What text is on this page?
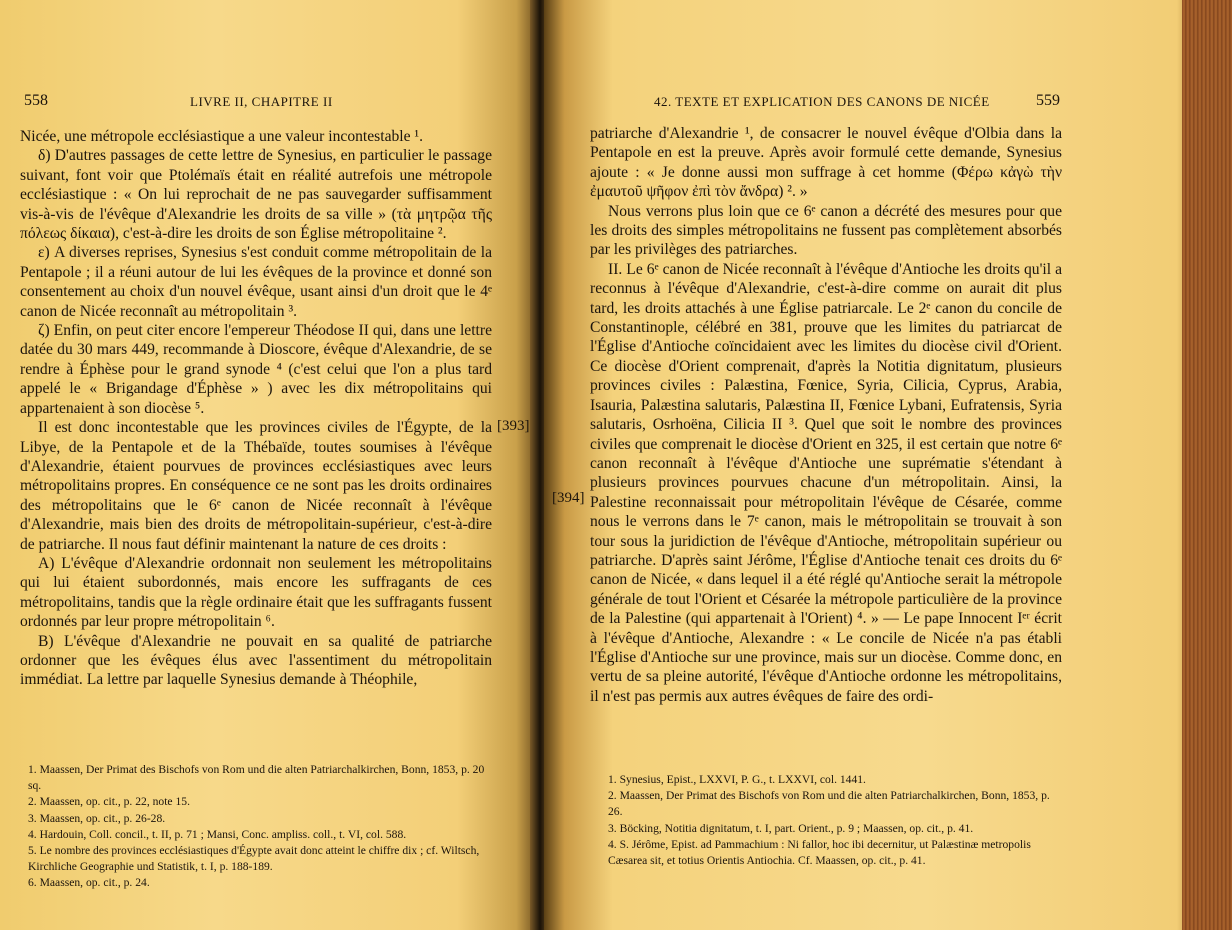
558	LIVRE II, CHAPITRE II

Nicée, une métropole ecclésiastique a une valeur incontestable ¹.

δ) D'autres passages de cette lettre de Synesius, en particulier le passage suivant, font voir que Ptolémaïs était en réalité autrefois une métropole ecclésiastique : « On lui reprochait de ne pas sauvegarder suffisamment vis-à-vis de l'évêque d'Alexandrie les droits de sa ville » (τὰ μητρῷα τῆς πόλεως δίκαια), c'est-à-dire les droits de son Église métropolitaine ².

ε) A diverses reprises, Synesius s'est conduit comme métropolitain de la Pentapole ; il a réuni autour de lui les évêques de la province et donné son consentement au choix d'un nouvel évêque, usant ainsi d'un droit que le 4ᵉ canon de Nicée reconnaît au métropolitain ³.

ζ) Enfin, on peut citer encore l'empereur Théodose II qui, dans une lettre datée du 30 mars 449, recommande à Dioscore, évêque d'Alexandrie, de se rendre à Éphèse pour le grand synode ⁴ (c'est celui que l'on a plus tard appelé le « Brigandage d'Éphèse » ) avec les dix métropolitains qui appartenaient à son diocèse ⁵.

Il est donc incontestable que les provinces civiles de l'Égypte, de la Libye, de la Pentapole et de la Thébaïde, toutes soumises à l'évêque d'Alexandrie, étaient pourvues de provinces ecclésiastiques avec leurs métropolitains propres. En conséquence ce ne sont pas les droits ordinaires des métropolitains que le 6ᵉ canon de Nicée reconnaît à l'évêque d'Alexandrie, mais bien des droits de métropolitain-supérieur, c'est-à-dire de patriarche. Il nous faut définir maintenant la nature de ces droits :

A) L'évêque d'Alexandrie ordonnait non seulement les métropolitains qui lui étaient subordonnés, mais encore les suffragants de ces métropolitains, tandis que la règle ordinaire était que les suffragants fussent ordonnés par leur propre métropolitain ⁶.

B) L'évêque d'Alexandrie ne pouvait en sa qualité de patriarche ordonner que les évêques élus avec l'assentiment du métropolitain immédiat. La lettre par laquelle Synesius demande à Théophile,

1. Maassen, Der Primat des Bischofs von Rom und die alten Patriarchalkirchen, Bonn, 1853, p. 20 sq.

2. Maassen, op. cit., p. 22, note 15.

3. Maassen, op. cit., p. 26-28.

4. Hardouin, Coll. concil., t. II, p. 71 ; Mansi, Conc. ampliss. coll., t. VI, col. 588.

5. Le nombre des provinces ecclésiastiques d'Égypte avait donc atteint le chiffre dix ; cf. Wiltsch, Kirchliche Geographie und Statistik, t. I, p. 188-189.

6. Maassen, op. cit., p. 24.

[393]
42. TEXTE ET EXPLICATION DES CANONS DE NICÉE	559

patriarche d'Alexandrie ¹, de consacrer le nouvel évêque d'Olbia dans la Pentapole en est la preuve. Après avoir formulé cette demande, Synesius ajoute : « Je donne aussi mon suffrage à cet homme (Φέρω κἀγὼ τὴν ἐμαυτοῦ ψῆφον ἐπὶ τὸν ἄνδρα) ². »

Nous verrons plus loin que ce 6ᵉ canon a décrété des mesures pour que les droits des simples métropolitains ne fussent pas complètement absorbés par les privilèges des patriarches.

II. Le 6ᵉ canon de Nicée reconnaît à l'évêque d'Antioche les droits qu'il a reconnus à l'évêque d'Alexandrie, c'est-à-dire comme on aurait dit plus tard, les droits attachés à une Église patriarcale. Le 2ᵉ canon du concile de Constantinople, célébré en 381, prouve que les limites du patriarcat de l'Église d'Antioche coïncidaient avec les limites du diocèse civil d'Orient. Ce diocèse d'Orient comprenait, d'après la Notitia dignitatum, plusieurs provinces civiles : Palæstina, Fœnice, Syria, Cilicia, Cyprus, Arabia, Isauria, Palæstina salutaris, Palæstina II, Fœnice Lybani, Eufratensis, Syria salutaris, Osrhoëna, Cilicia II ³. Quel que soit le nombre des provinces civiles que comprenait le diocèse d'Orient en 325, il est certain que notre 6ᵉ canon reconnaît à l'évêque d'Antioche une suprématie s'étendant à plusieurs provinces pourvues chacune d'un métropolitain. Ainsi, la Palestine reconnaissait pour métropolitain l'évêque de Césarée, comme nous le verrons dans le 7ᵉ canon, mais le métropolitain se trouvait à son tour sous la juridiction de l'évêque d'Antioche, métropolitain supérieur ou patriarche. D'après saint Jérôme, l'Église d'Antioche tenait ces droits du 6ᵉ canon de Nicée, « dans lequel il a été réglé qu'Antioche serait la métropole générale de tout l'Orient et Césarée la métropole particulière de la province de la Palestine (qui appartenait à l'Orient) ⁴. » — Le pape Innocent Iᵉʳ écrit à l'évêque d'Antioche, Alexandre : « Le concile de Nicée n'a pas établi l'Église d'Antioche sur une province, mais sur un diocèse. Comme donc, en vertu de sa pleine autorité, l'évêque d'Antioche ordonne les métropolitains, il n'est pas permis aux autres évêques de faire des ordi-

1. Synesius, Epist., LXXVI, P. G., t. LXXVI, col. 1441.

2. Maassen, Der Primat des Bischofs von Rom und die alten Patriarchalkirchen, Bonn, 1853, p. 26.

3. Böcking, Notitia dignitatum, t. I, part. Orient., p. 9 ; Maassen, op. cit., p. 41.

4. S. Jérôme, Epist. ad Pammachium : Ni fallor, hoc ibi decernitur, ut Palæstinæ metropolis Cæsarea sit, et totius Orientis Antiochia. Cf. Maassen, op. cit., p. 41.

[394]
